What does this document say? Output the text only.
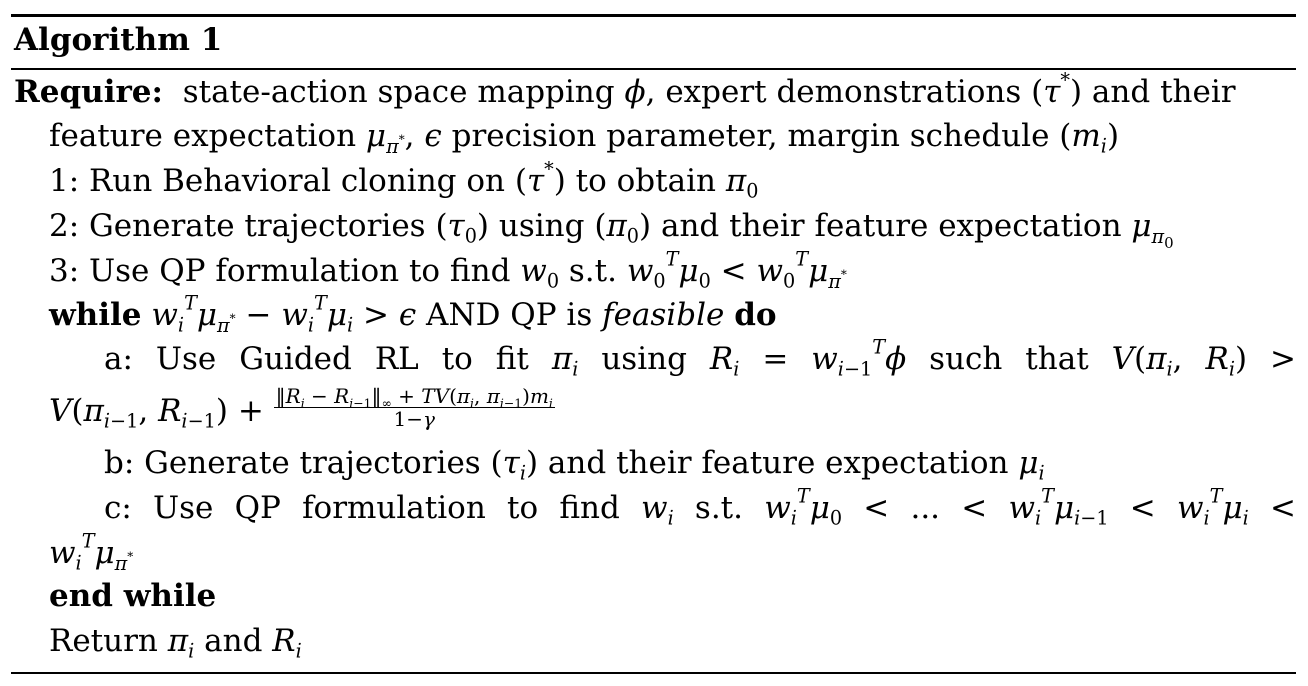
Algorithm 1
Require:  state-action space mapping ϕ, expert demonstrations (τ*) and their
feature expectation $\mu_{\pi^*}$, ϵ precision parameter, margin schedule $(m_i)$
1: Run Behavioral cloning on (τ*) to obtain $\pi_0$
2: Generate trajectories $(\tau_0)$ using $(\pi_0)$ and their feature expectation $\mu_{\pi_0}$
3: Use QP formulation to find $w_0$ s.t. $w_0^T\mu_0 < w_0^T\mu_{\pi^*}$
while $w_i^T\mu_{\pi^*} - w_i^T\mu_i > \epsilon$ AND QP is feasible do
a: Use Guided RL to fit $\pi_i$ using $R_i = w_{i-1}^T\phi$ such that $V(\pi_i$, $R_i$) >
$V(\pi_{i-1}$, $R_{i-1}) + \frac{‖R_i - R_{i-1}‖_\infty + TV(\pi_i, \pi_{i-1})m_i}{1-\gamma}$
b: Generate trajectories $(\tau_i)$ and their feature expectation $\mu_i$
c: Use QP formulation to find $w_i$ s.t. $w_i^T\mu_0$ < ... < $w_i^T\mu_{i-1} < w_i^T\mu_i$ <
$w_i^T\mu_{\pi^*}$
end while
Return $\pi_i$ and $R_i$
